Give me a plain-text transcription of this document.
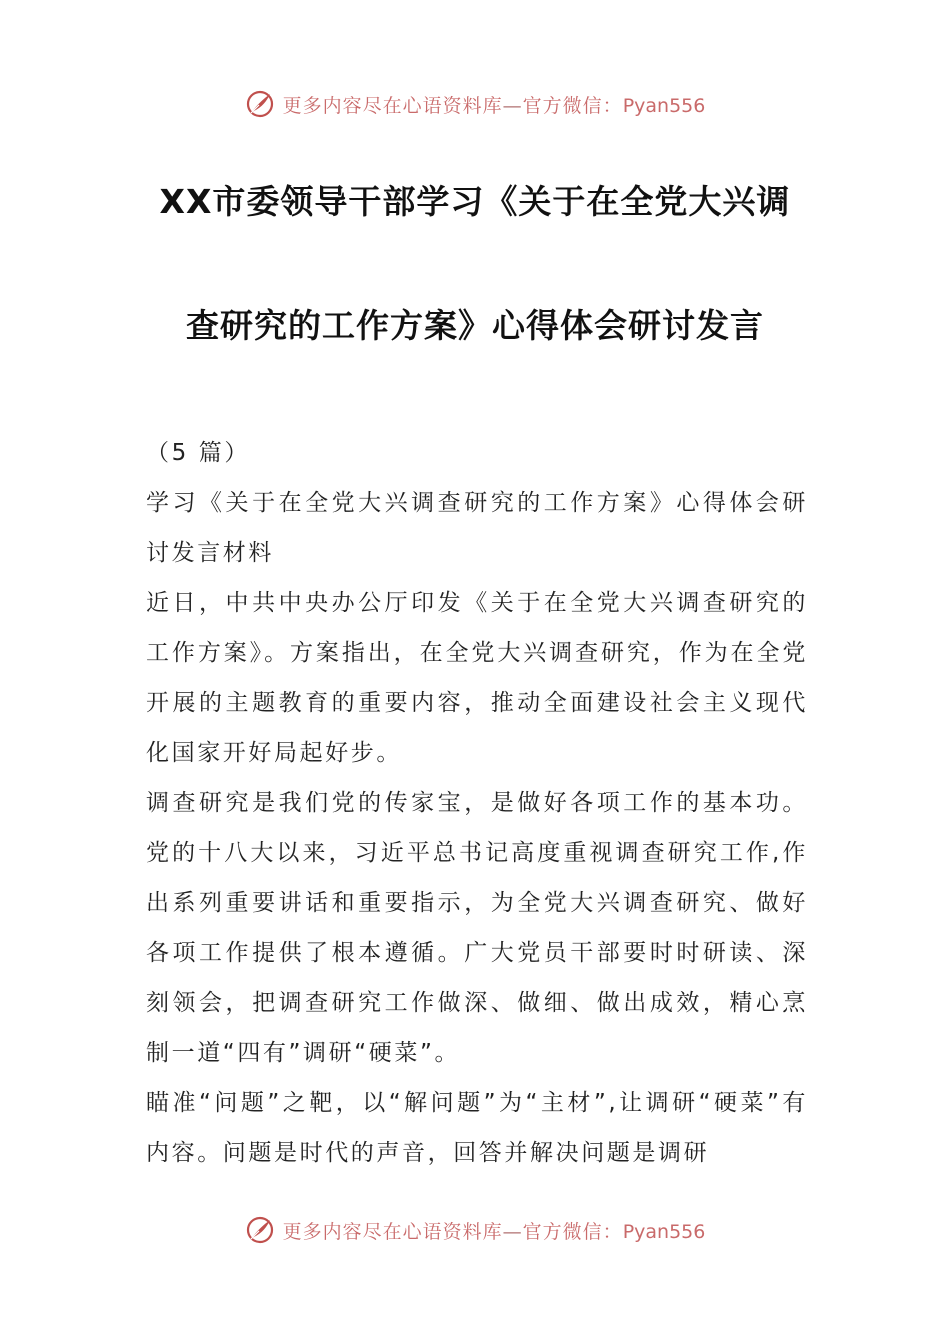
更多内容尽在心语资料库—官方微信：Pyan556
XX市委领导干部学习《关于在全党大兴调
查研究的工作方案》心得体会研讨发言

（5 篇）

学习《关于在全党大兴调查研究的工作方案》心得体会研讨发言材料

近日，中共中央办公厅印发《关于在全党大兴调查研究的工作方案》。方案指出，在全党大兴调查研究，作为在全党开展的主题教育的重要内容，推动全面建设社会主义现代化国家开好局起好步。

调查研究是我们党的传家宝，是做好各项工作的基本功。党的十八大以来，习近平总书记高度重视调查研究工作,作出系列重要讲话和重要指示，为全党大兴调查研究、做好各项工作提供了根本遵循。广大党员干部要时时研读、深刻领会，把调查研究工作做深、做细、做出成效，精心烹制一道“四有”调研“硬菜”。

瞄准“问题”之靶，以“解问题”为“主材”,让调研“硬菜”有内容。问题是时代的声音，回答并解决问题是调研

更多内容尽在心语资料库—官方微信：Pyan556
